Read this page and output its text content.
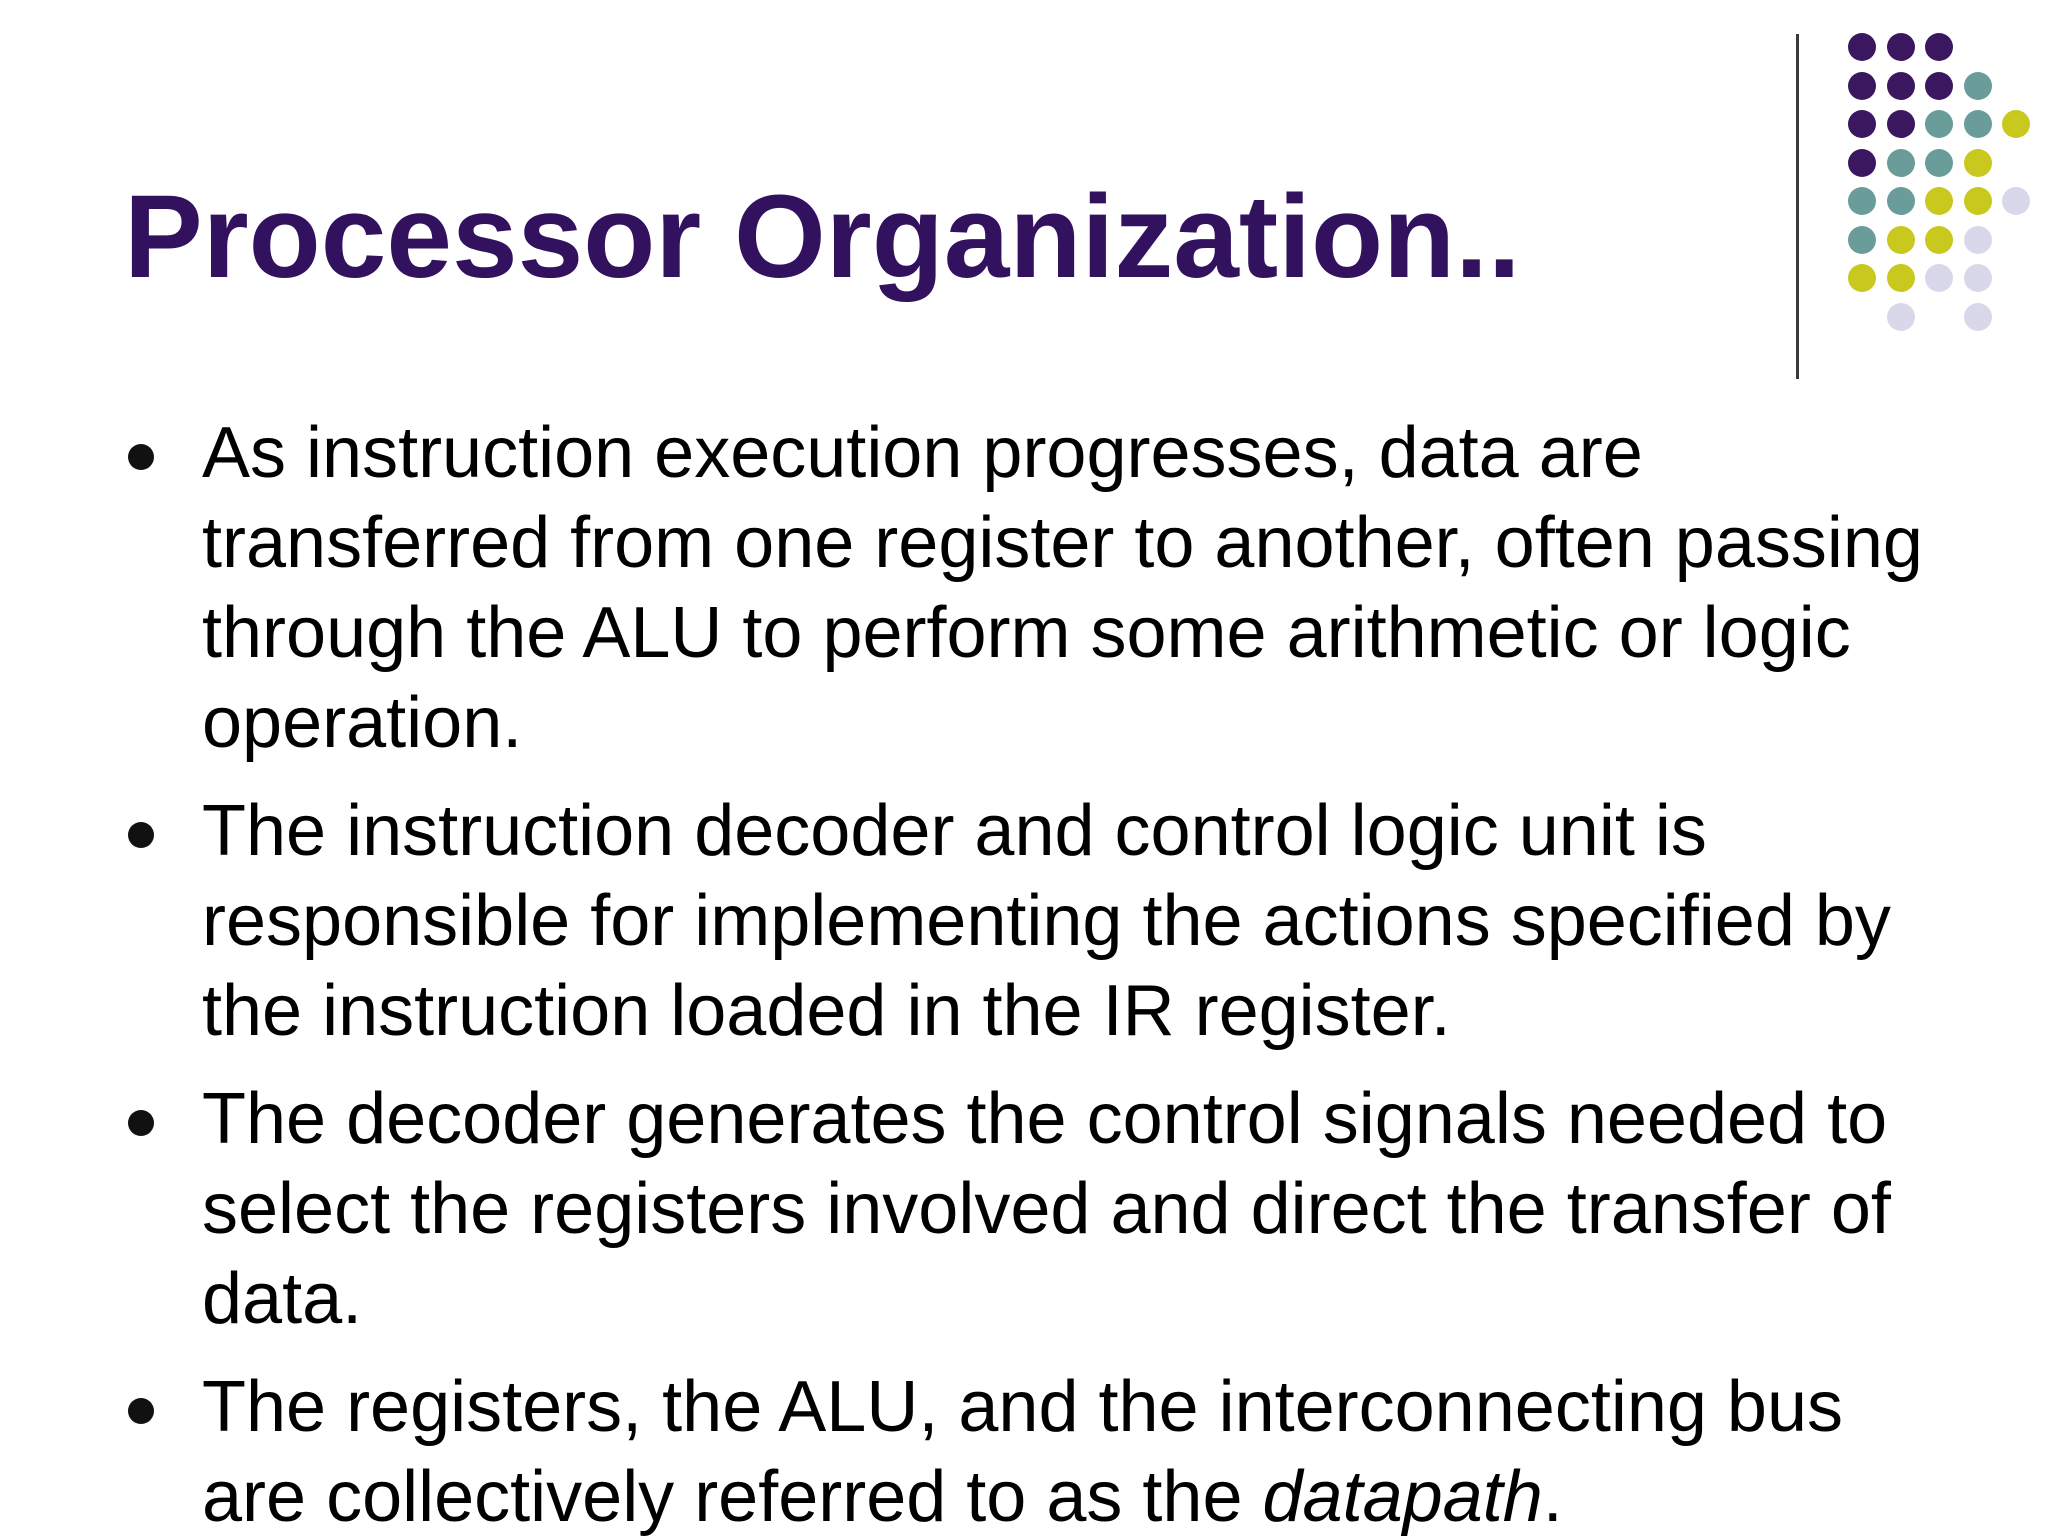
Processor Organization..
As instruction execution progresses, data are transferred from one register to another, often passing through the ALU to perform some arithmetic or logic operation.
The instruction decoder and control logic unit is responsible for implementing the actions specified by the instruction loaded in the IR register.
The decoder generates the control signals needed to select the registers involved and direct the transfer of data.
The registers, the ALU, and the interconnecting bus are collectively referred to as the datapath.
